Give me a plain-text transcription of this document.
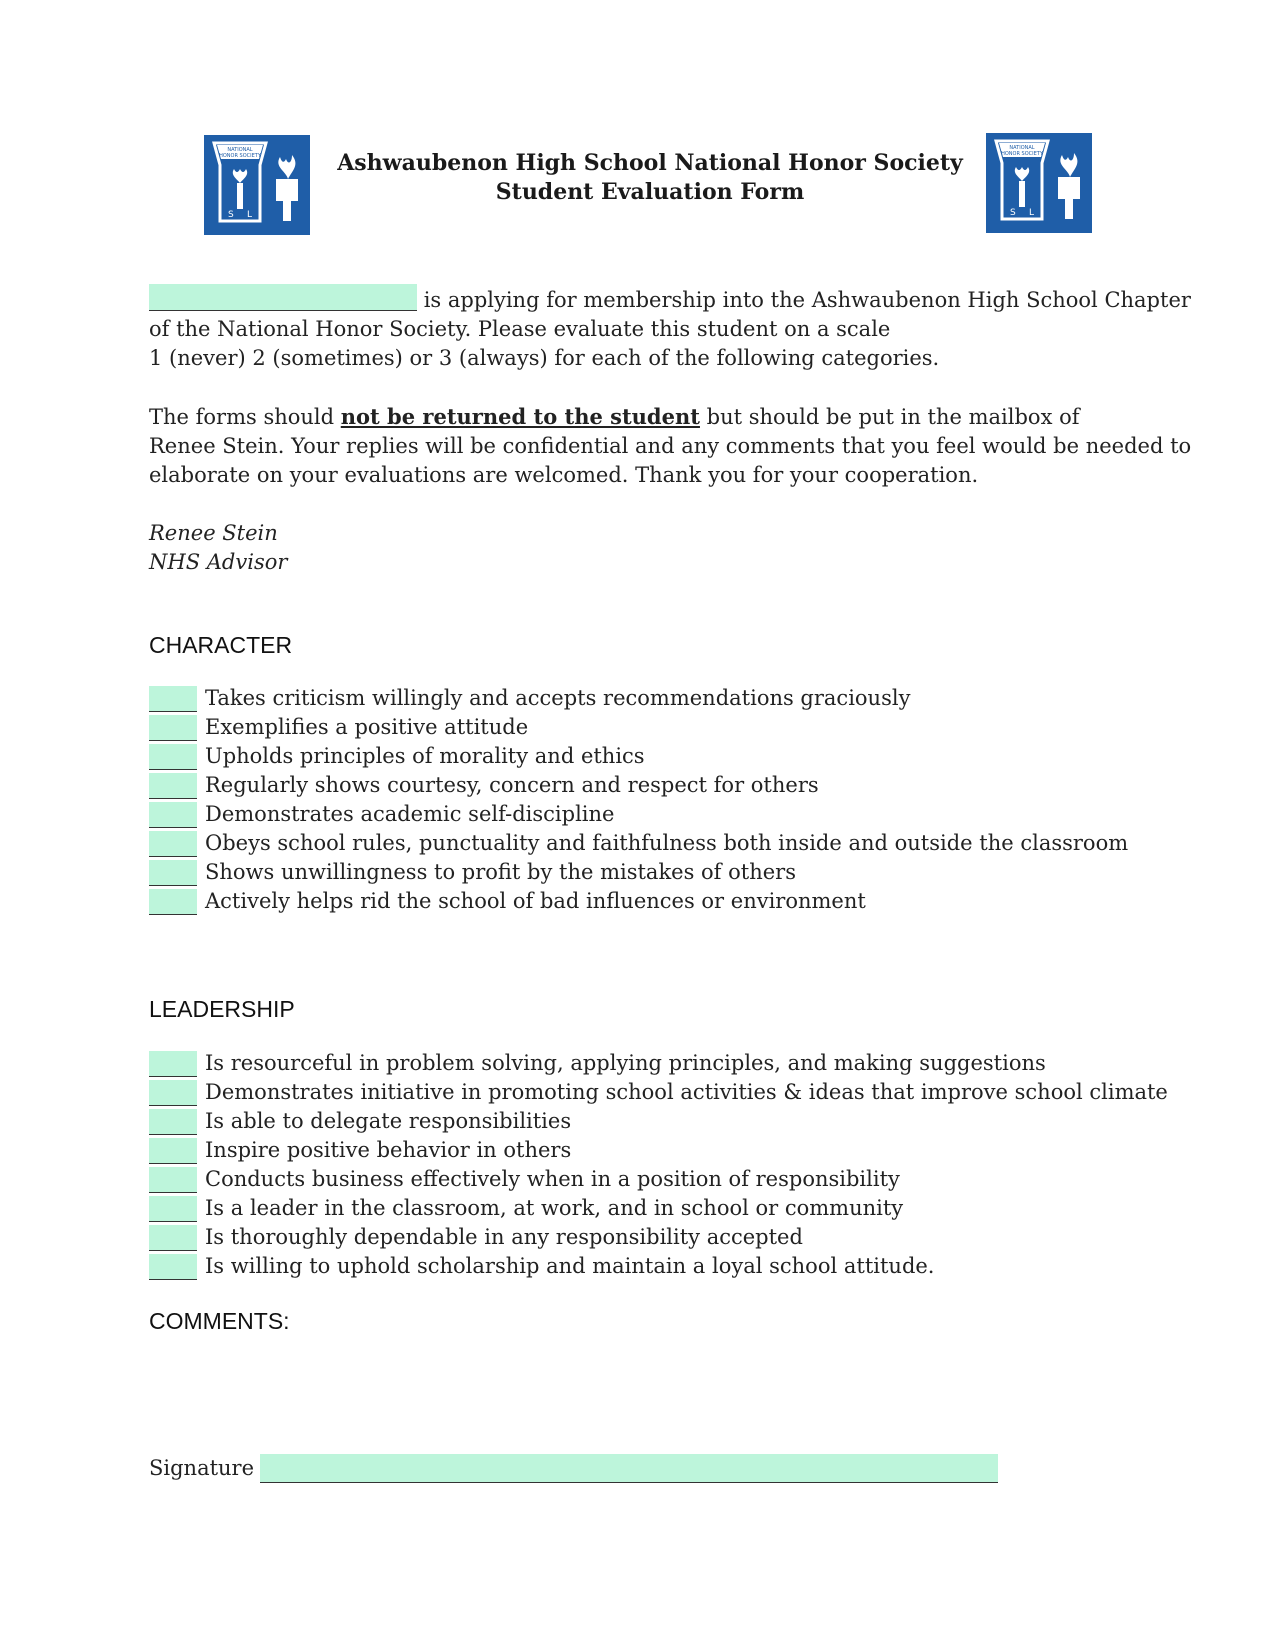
NATIONAL
HONOR SOCIETY
S L
NATIONAL
HONOR SOCIETY
S L
Ashwaubenon High School National Honor Society
Student Evaluation Form

is applying for membership into the Ashwaubenon High School Chapter of the National Honor Society. Please evaluate this student on a scale
1 (never) 2 (sometimes) or 3 (always) for each of the following categories.

The forms should not be returned to the student but should be put in the mailbox of
Renee Stein. Your replies will be confidential and any comments that you feel would be needed to elaborate on your evaluations are welcomed. Thank you for your cooperation.

Renee Stein
NHS Advisor

CHARACTER
Takes criticism willingly and accepts recommendations graciously
Exemplifies a positive attitude
Upholds principles of morality and ethics
Regularly shows courtesy, concern and respect for others
Demonstrates academic self-discipline
Obeys school rules, punctuality and faithfulness both inside and outside the classroom
Shows unwillingness to profit by the mistakes of others
Actively helps rid the school of bad influences or environment
LEADERSHIP
Is resourceful in problem solving, applying principles, and making suggestions
Demonstrates initiative in promoting school activities & ideas that improve school climate
Is able to delegate responsibilities
Inspire positive behavior in others
Conducts business effectively when in a position of responsibility
Is a leader in the classroom, at work, and in school or community
Is thoroughly dependable in any responsibility accepted
Is willing to uphold scholarship and maintain a loyal school attitude.
COMMENTS:
Signature
